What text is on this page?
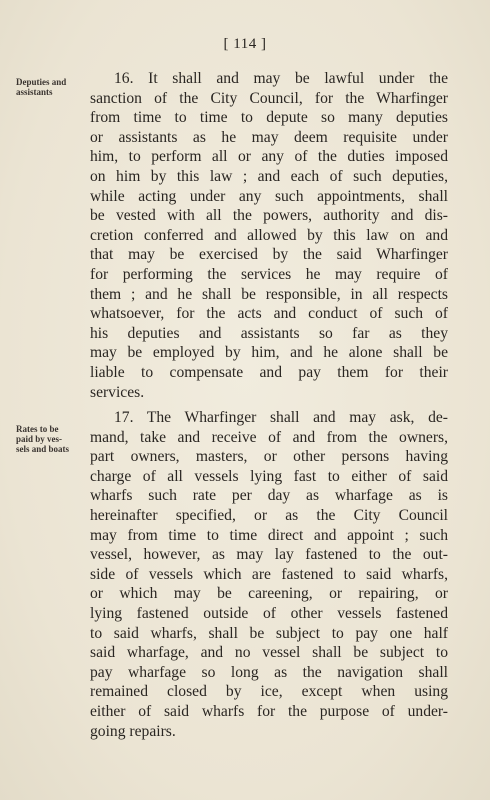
[ 114 ]
Deputies and
assistants
16. It shall and may be lawful under the
sanction of the City Council, for the Wharfinger
from time to time to depute so many deputies
or assistants as he may deem requisite under
him, to perform all or any of the duties imposed
on him by this law ; and each of such deputies,
while acting under any such appointments, shall
be vested with all the powers, authority and dis-
cretion conferred and allowed by this law on and
that may be exercised by the said Wharfinger
for performing the services he may require of
them ; and he shall be responsible, in all respects
whatsoever, for the acts and conduct of such of
his deputies and assistants so far as they
may be employed by him, and he alone shall be
liable to compensate and pay them for their
services.
Rates to be
paid by ves-
sels and boats
17. The Wharfinger shall and may ask, de-
mand, take and receive of and from the owners,
part owners, masters, or other persons having
charge of all vessels lying fast to either of said
wharfs such rate per day as wharfage as is
hereinafter specified, or as the City Council
may from time to time direct and appoint ; such
vessel, however, as may lay fastened to the out-
side of vessels which are fastened to said wharfs,
or which may be careening, or repairing, or
lying fastened outside of other vessels fastened
to said wharfs, shall be subject to pay one half
said wharfage, and no vessel shall be subject to
pay wharfage so long as the navigation shall
remained closed by ice, except when using
either of said wharfs for the purpose of under-
going repairs.
